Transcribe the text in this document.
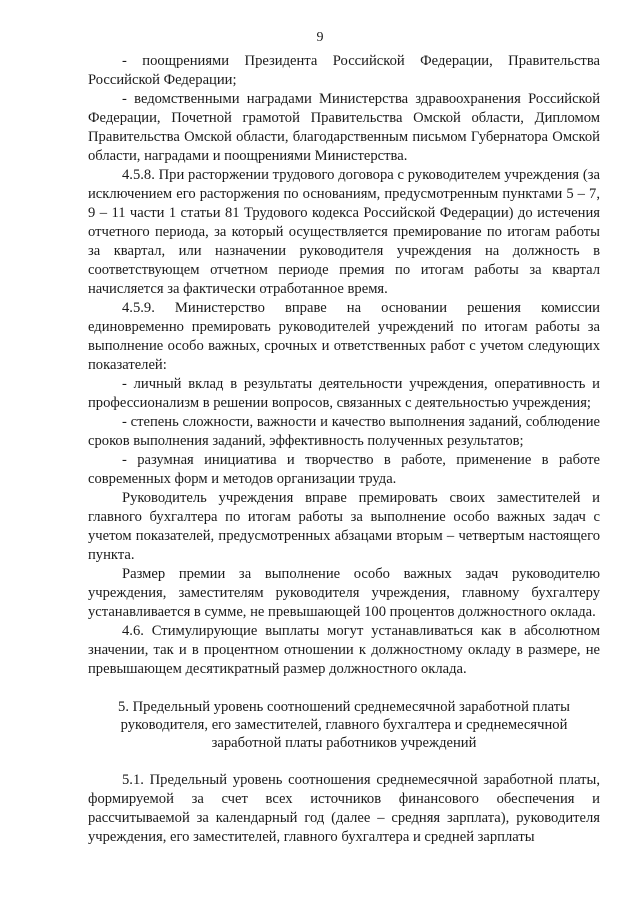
9

- поощрениями Президента Российской Федерации, Правительства Российской Федерации;

- ведомственными наградами Министерства здравоохранения Российской Федерации, Почетной грамотой Правительства Омской области, Дипломом Правительства Омской области, благодарственным письмом Губернатора Омской области, наградами и поощрениями Министерства.

4.5.8. При расторжении трудового договора с руководителем учреждения (за исключением его расторжения по основаниям, предусмотренным пунктами 5 – 7, 9 – 11 части 1 статьи 81 Трудового кодекса Российской Федерации) до истечения отчетного периода, за который осуществляется премирование по итогам работы за квартал, или назначении руководителя учреждения на должность в соответствующем отчетном периоде премия по итогам работы за квартал начисляется за фактически отработанное время.

4.5.9. Министерство вправе на основании решения комиссии единовременно премировать руководителей учреждений по итогам работы за выполнение особо важных, срочных и ответственных работ с учетом следующих показателей:

- личный вклад в результаты деятельности учреждения, оперативность и профессионализм в решении вопросов, связанных с деятельностью учреждения;

- степень сложности, важности и качество выполнения заданий, соблюдение сроков выполнения заданий, эффективность полученных результатов;

- разумная инициатива и творчество в работе, применение в работе современных форм и методов организации труда.

Руководитель учреждения вправе премировать своих заместителей и главного бухгалтера по итогам работы за выполнение особо важных задач с учетом показателей, предусмотренных абзацами вторым – четвертым настоящего пункта.

Размер премии за выполнение особо важных задач руководителю учреждения, заместителям руководителя учреждения, главному бухгалтеру устанавливается в сумме, не превышающей 100 процентов должностного оклада.

4.6. Стимулирующие выплаты могут устанавливаться как в абсолютном значении, так и в процентном отношении к должностному окладу в размере, не превышающем десятикратный размер должностного оклада.

5. Предельный уровень соотношений среднемесячной заработной платы руководителя, его заместителей, главного бухгалтера и среднемесячной заработной платы работников учреждений

5.1. Предельный уровень соотношения среднемесячной заработной платы, формируемой за счет всех источников финансового обеспечения и рассчитываемой за календарный год (далее – средняя зарплата), руководителя учреждения, его заместителей, главного бухгалтера и средней зарплаты
